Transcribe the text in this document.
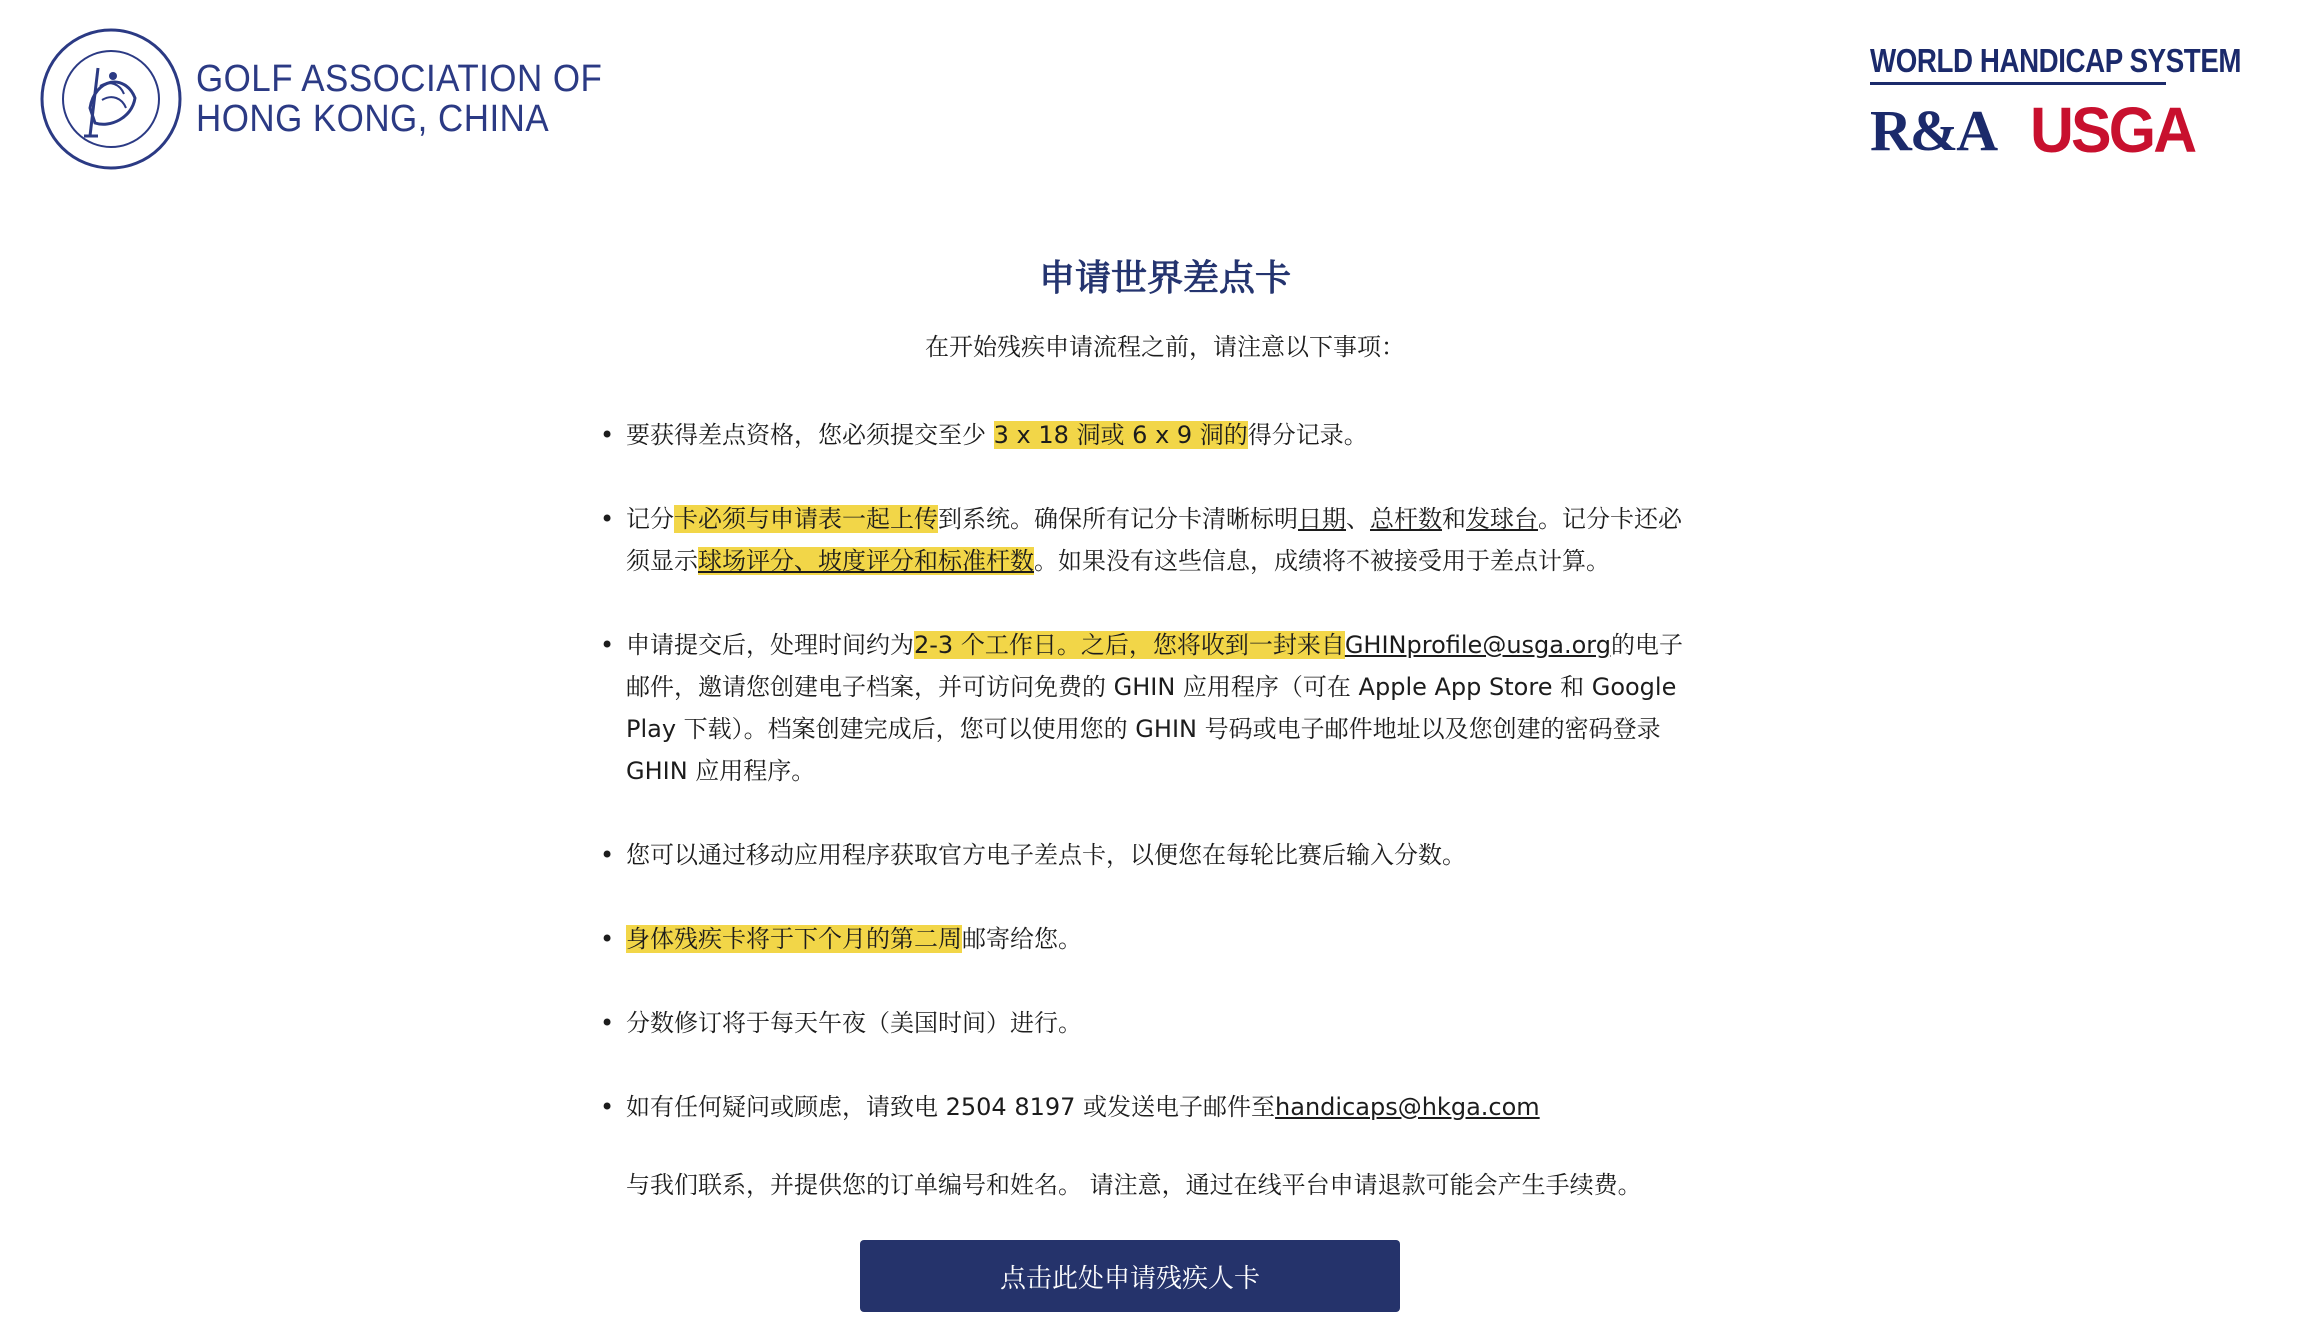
GOLF ASSOCIATION OF
HONG KONG, CHINA
WORLD HANDICAP SYSTEM
R&A USGA
申请世界差点卡
在开始残疾申请流程之前，请注意以下事项：
• 要获得差点资格，您必须提交至少 3 x 18 洞或 6 x 9 洞的得分记录。
• 记分卡必须与申请表一起上传到系统。确保所有记分卡清晰标明日期、总杆数和发球台。记分卡还必须显示球场评分、坡度评分和标准杆数。如果没有这些信息，成绩将不被接受用于差点计算。
• 申请提交后，处理时间约为2-3 个工作日。之后，您将收到一封来自GHINprofile@usga.org的电子邮件，邀请您创建电子档案，并可访问免费的 GHIN 应用程序（可在 Apple App Store 和 Google Play 下载）。档案创建完成后，您可以使用您的 GHIN 号码或电子邮件地址以及您创建的密码登录 GHIN 应用程序。
• 您可以通过移动应用程序获取官方电子差点卡，以便您在每轮比赛后输入分数。
• 身体残疾卡将于下个月的第二周邮寄给您。
• 分数修订将于每天午夜（美国时间）进行。
• 如有任何疑问或顾虑，请致电 2504 8197 或发送电子邮件至handicaps@hkga.com
与我们联系，并提供您的订单编号和姓名。 请注意，通过在线平台申请退款可能会产生手续费。
点击此处申请残疾人卡
